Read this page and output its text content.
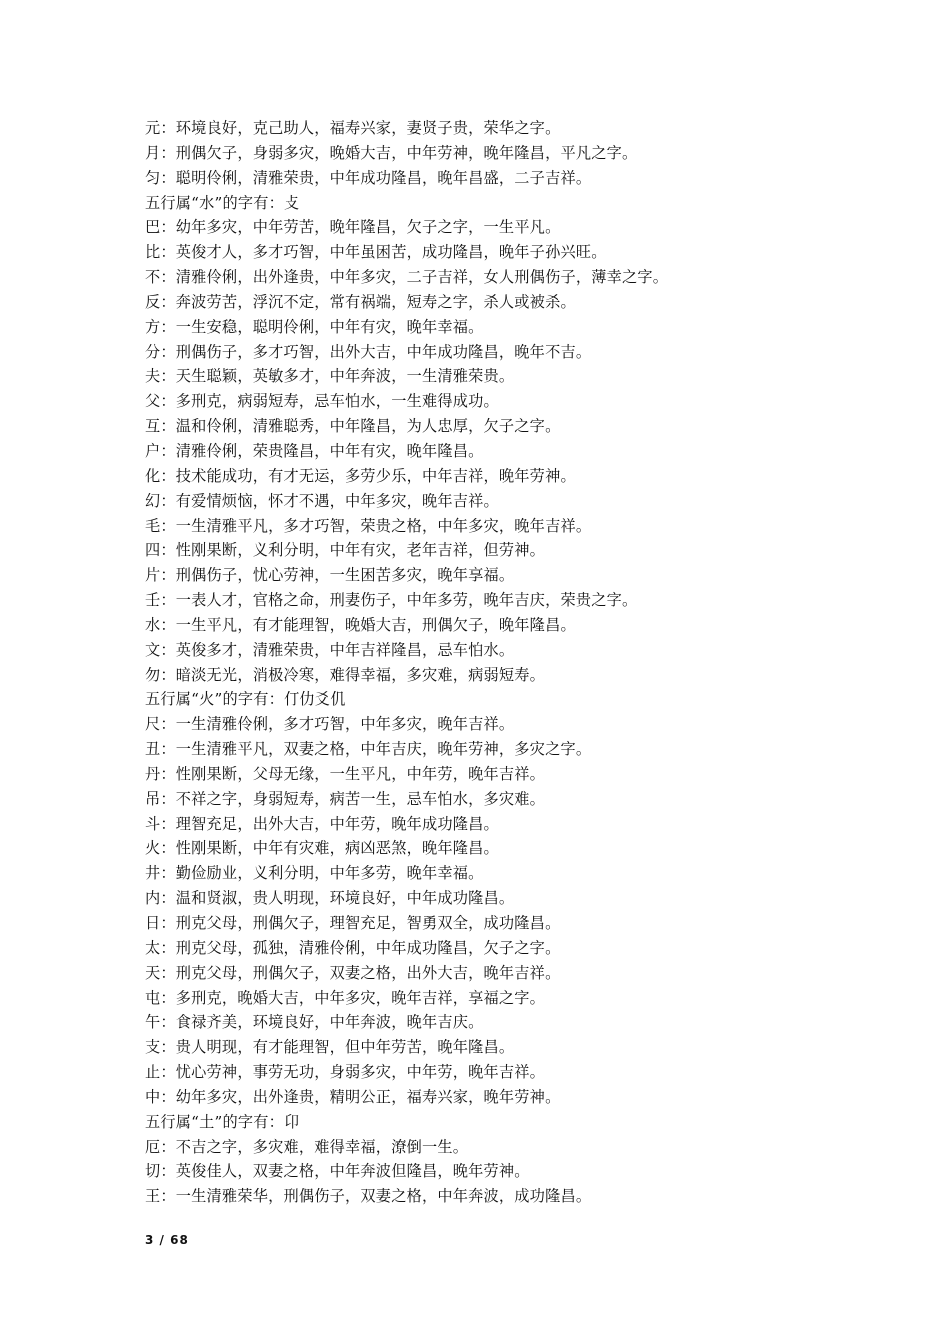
元：环境良好，克己助人，福寿兴家，妻贤子贵，荣华之字。
月：刑偶欠子，身弱多灾，晚婚大吉，中年劳神，晚年隆昌，平凡之字。
匀：聪明伶俐，清雅荣贵，中年成功隆昌，晚年昌盛，二子吉祥。
五行属“水”的字有：攴
巴：幼年多灾，中年劳苦，晚年隆昌，欠子之字，一生平凡。
比：英俊才人，多才巧智，中年虽困苦，成功隆昌，晚年子孙兴旺。
不：清雅伶俐，出外逢贵，中年多灾，二子吉祥，女人刑偶伤子，薄幸之字。
反：奔波劳苦，浮沉不定，常有祸端，短寿之字，杀人或被杀。
方：一生安稳，聪明伶俐，中年有灾，晚年幸福。
分：刑偶伤子，多才巧智，出外大吉，中年成功隆昌，晚年不吉。
夫：天生聪颖，英敏多才，中年奔波，一生清雅荣贵。
父：多刑克，病弱短寿，忌车怕水，一生难得成功。
互：温和伶俐，清雅聪秀，中年隆昌，为人忠厚，欠子之字。
户：清雅伶俐，荣贵隆昌，中年有灾，晚年隆昌。
化：技术能成功，有才无运，多劳少乐，中年吉祥，晚年劳神。
幻：有爱情烦恼，怀才不遇，中年多灾，晚年吉祥。
毛：一生清雅平凡，多才巧智，荣贵之格，中年多灾，晚年吉祥。
四：性刚果断，义利分明，中年有灾，老年吉祥，但劳神。
片：刑偶伤子，忧心劳神，一生困苦多灾，晚年享福。
壬：一表人才，官格之命，刑妻伤子，中年多劳，晚年吉庆，荣贵之字。
水：一生平凡，有才能理智，晚婚大吉，刑偶欠子，晚年隆昌。
文：英俊多才，清雅荣贵，中年吉祥隆昌，忌车怕水。
勿：暗淡无光，消极冷寒，难得幸福，多灾难，病弱短寿。
五行属“火”的字有：仃仂爻仉
尺：一生清雅伶俐，多才巧智，中年多灾，晚年吉祥。
丑：一生清雅平凡，双妻之格，中年吉庆，晚年劳神，多灾之字。
丹：性刚果断，父母无缘，一生平凡，中年劳，晚年吉祥。
吊：不祥之字，身弱短寿，病苦一生，忌车怕水，多灾难。
斗：理智充足，出外大吉，中年劳，晚年成功隆昌。
火：性刚果断，中年有灾难，病凶恶煞，晚年隆昌。
井：勤俭励业，义利分明，中年多劳，晚年幸福。
内：温和贤淑，贵人明现，环境良好，中年成功隆昌。
日：刑克父母，刑偶欠子，理智充足，智勇双全，成功隆昌。
太：刑克父母，孤独，清雅伶俐，中年成功隆昌，欠子之字。
天：刑克父母，刑偶欠子，双妻之格，出外大吉，晚年吉祥。
屯：多刑克，晚婚大吉，中年多灾，晚年吉祥，享福之字。
午：食禄齐美，环境良好，中年奔波，晚年吉庆。
支：贵人明现，有才能理智，但中年劳苦，晚年隆昌。
止：忧心劳神，事劳无功，身弱多灾，中年劳，晚年吉祥。
中：幼年多灾，出外逢贵，精明公正，福寿兴家，晚年劳神。
五行属“土”的字有：卬
厄：不吉之字，多灾难，难得幸福，潦倒一生。
切：英俊佳人，双妻之格，中年奔波但隆昌，晚年劳神。
王：一生清雅荣华，刑偶伤子，双妻之格，中年奔波，成功隆昌。
3 / 68
